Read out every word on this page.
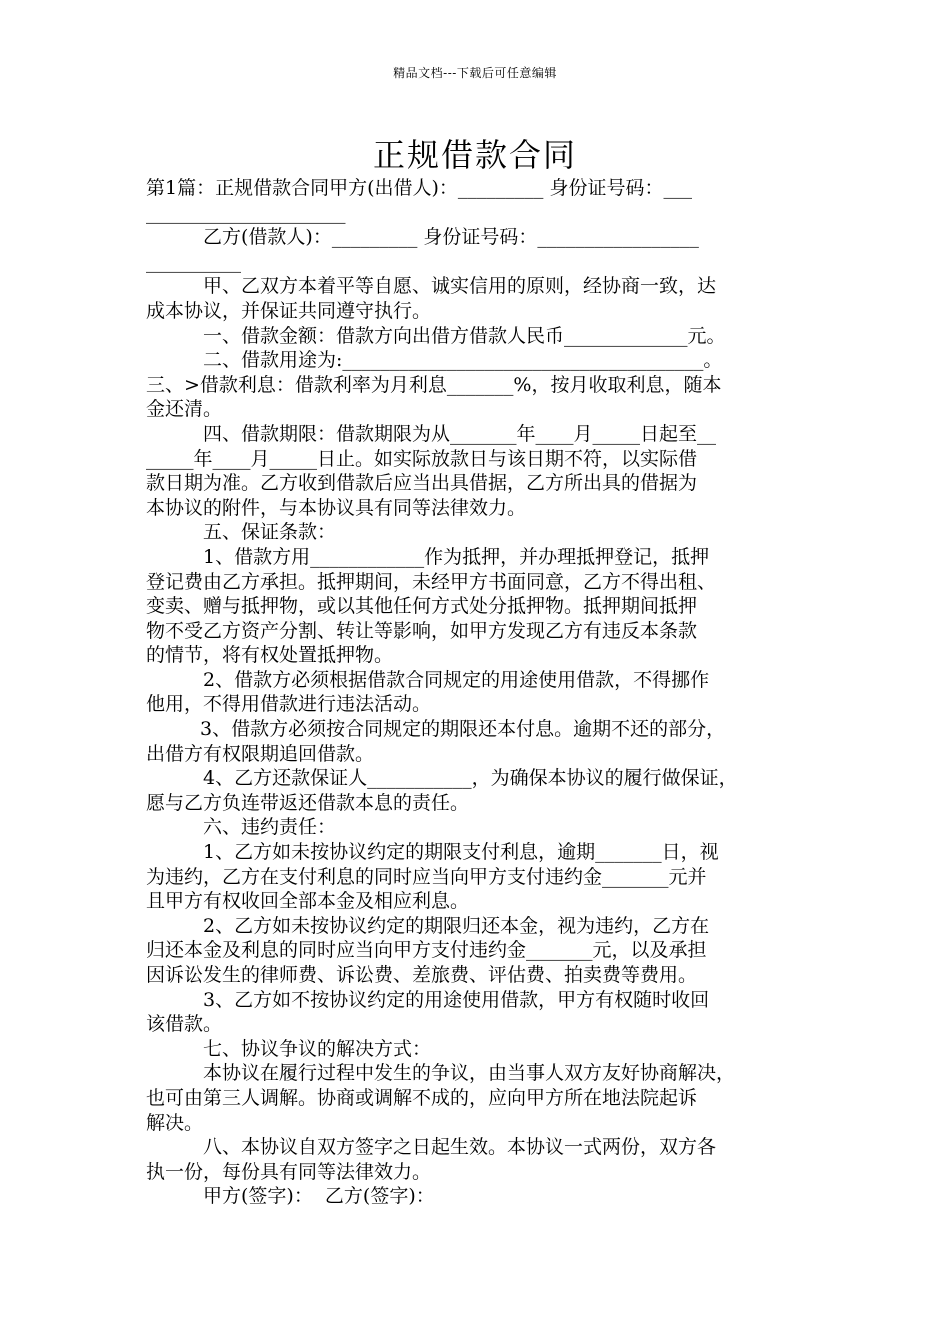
精品文档---下载后可任意编辑
正规借款合同
第1篇：正规借款合同甲方(出借人)：_________ 身份证号码：___
_____________________
乙方(借款人)：_________ 身份证号码：_________________
__________
甲、乙双方本着平等自愿、诚实信用的原则，经协商一致，达
成本协议，并保证共同遵守执行。
一、借款金额：借款方向出借方借款人民币_____________元。
二、借款用途为:______________________________________。
三、>借款利息：借款利率为月利息_______%，按月收取利息，随本
金还清。
四、借款期限：借款期限为从_______年____月_____日起至__
_____年____月_____日止。如实际放款日与该日期不符，以实际借
款日期为准。乙方收到借款后应当出具借据，乙方所出具的借据为
本协议的附件，与本协议具有同等法律效力。
五、保证条款：
1、借款方用____________作为抵押，并办理抵押登记，抵押
登记费由乙方承担。抵押期间，未经甲方书面同意，乙方不得出租、
变卖、赠与抵押物，或以其他任何方式处分抵押物。抵押期间抵押
物不受乙方资产分割、转让等影响，如甲方发现乙方有违反本条款
的情节，将有权处置抵押物。
2、借款方必须根据借款合同规定的用途使用借款，不得挪作
他用，不得用借款进行违法活动。
3、借款方必须按合同规定的期限还本付息。逾期不还的部分，
出借方有权限期追回借款。
4、乙方还款保证人___________，为确保本协议的履行做保证，
愿与乙方负连带返还借款本息的责任。
六、违约责任：
1、乙方如未按协议约定的期限支付利息，逾期_______日，视
为违约，乙方在支付利息的同时应当向甲方支付违约金_______元并
且甲方有权收回全部本金及相应利息。
2、乙方如未按协议约定的期限归还本金，视为违约，乙方在
归还本金及利息的同时应当向甲方支付违约金_______元，以及承担
因诉讼发生的律师费、诉讼费、差旅费、评估费、拍卖费等费用。
3、乙方如不按协议约定的用途使用借款，甲方有权随时收回
该借款。
七、协议争议的解决方式：
本协议在履行过程中发生的争议，由当事人双方友好协商解决，
也可由第三人调解。协商或调解不成的，应向甲方所在地法院起诉
解决。
八、本协议自双方签字之日起生效。本协议一式两份，双方各
执一份，每份具有同等法律效力。
甲方(签字)：  乙方(签字)：
